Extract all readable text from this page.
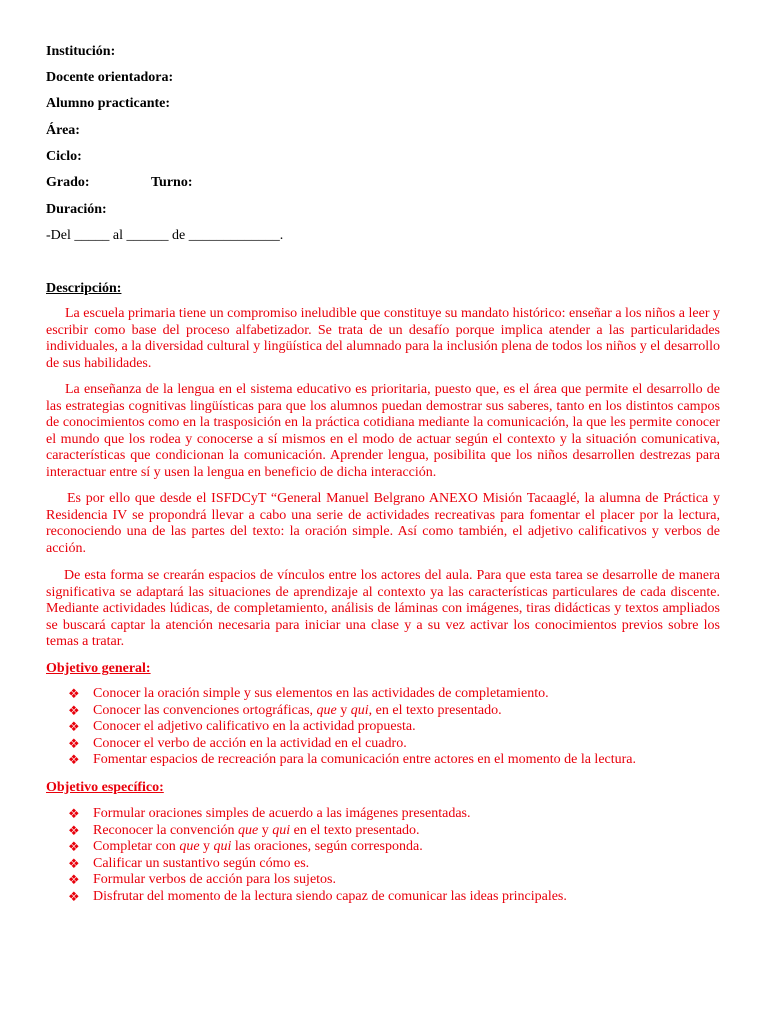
Institución:
Docente orientadora:
Alumno practicante:
Área:
Ciclo:
Grado:	Turno:
Duración:
-Del _____ al ______ de _____________.
Descripción:

La escuela primaria tiene un compromiso ineludible que constituye su mandato histórico: enseñar a los niños a leer y escribir como base del proceso alfabetizador. Se trata de un desafío porque implica atender a las particularidades individuales, a la diversidad cultural y lingüística del alumnado para la inclusión plena de todos los niños y el desarrollo de sus habilidades.

La enseñanza de la lengua en el sistema educativo es prioritaria, puesto que, es el área que permite el desarrollo de las estrategias cognitivas lingüísticas para que los alumnos puedan demostrar sus saberes, tanto en los distintos campos de conocimientos como en la trasposición en la práctica cotidiana mediante la comunicación, la que les permite conocer el mundo que los rodea y conocerse a sí mismos en el modo de actuar según el contexto y la situación comunicativa, características que condicionan la comunicación. Aprender lengua, posibilita que los niños desarrollen destrezas para interactuar entre sí y usen la lengua en beneficio de dicha interacción.

Es por ello que desde el ISFDCyT “General Manuel Belgrano ANEXO Misión Tacaaglé, la alumna de Práctica y Residencia IV se propondrá llevar a cabo una serie de actividades recreativas para fomentar el placer por la lectura, reconociendo una de las partes del texto: la oración simple. Así como también, el adjetivo calificativos y verbos de acción.

De esta forma se crearán espacios de vínculos entre los actores del aula. Para que esta tarea se desarrolle de manera significativa se adaptará las situaciones de aprendizaje al contexto ya las características particulares de cada discente. Mediante actividades lúdicas, de completamiento, análisis de láminas con imágenes, tiras didácticas y textos ampliados se buscará captar la atención necesaria para iniciar una clase y a su vez activar los conocimientos previos sobre los temas a tratar.

Objetivo general:
❖ Conocer la oración simple y sus elementos en las actividades de completamiento.
❖ Conocer las convenciones ortográficas, que y qui, en el texto presentado.
❖ Conocer el adjetivo calificativo en la actividad propuesta.
❖ Conocer el verbo de acción en la actividad en el cuadro.
❖ Fomentar espacios de recreación para la comunicación entre actores en el momento de la lectura.
Objetivo específico:
❖ Formular oraciones simples de acuerdo a las imágenes presentadas.
❖ Reconocer la convención que y qui en el texto presentado.
❖ Completar con que y qui las oraciones, según corresponda.
❖ Calificar un sustantivo según cómo es.
❖ Formular verbos de acción para los sujetos.
❖ Disfrutar del momento de la lectura siendo capaz de comunicar las ideas principales.
